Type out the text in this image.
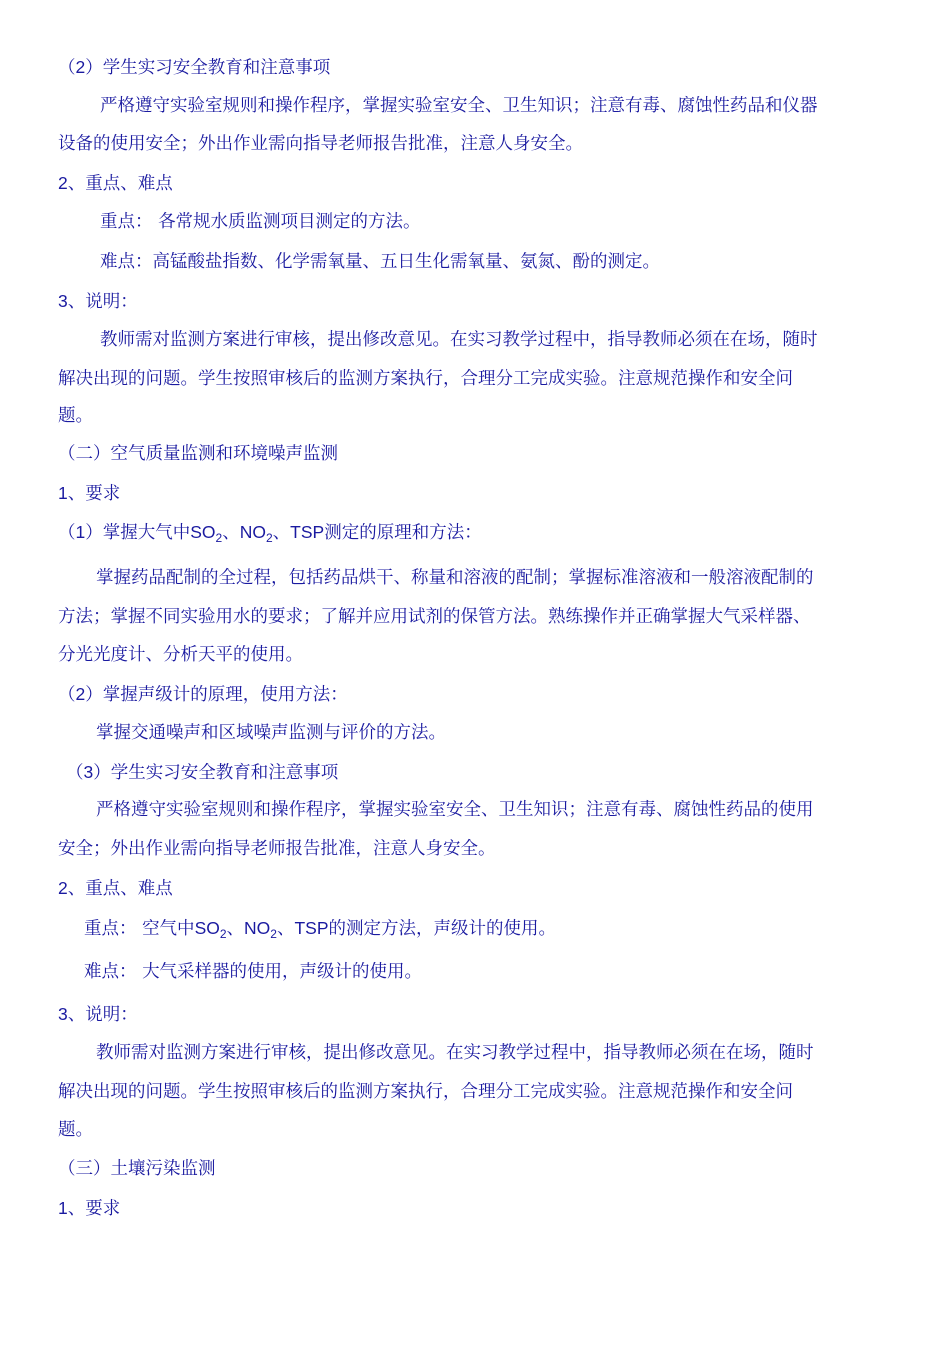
（2）学生实习安全教育和注意事项
严格遵守实验室规则和操作程序，掌握实验室安全、卫生知识；注意有毒、腐蚀性药品和仪器
设备的使用安全；外出作业需向指导老师报告批准，注意人身安全。
2、重点、难点
重点： 各常规水质监测项目测定的方法。
难点：高锰酸盐指数、化学需氧量、五日生化需氧量、氨氮、酚的测定。
3、说明：
教师需对监测方案进行审核，提出修改意见。在实习教学过程中，指导教师必须在在场，随时
解决出现的问题。学生按照审核后的监测方案执行，合理分工完成实验。注意规范操作和安全问
题。
（二）空气质量监测和环境噪声监测
1、要求
（1）掌握大气中$SO_2$、$NO_2$、TSP测定的原理和方法：
掌握药品配制的全过程，包括药品烘干、称量和溶液的配制；掌握标准溶液和一般溶液配制的
方法；掌握不同实验用水的要求；了解并应用试剂的保管方法。熟练操作并正确掌握大气采样器、
分光光度计、分析天平的使用。
（2）掌握声级计的原理，使用方法：
掌握交通噪声和区域噪声监测与评价的方法。
（3）学生实习安全教育和注意事项
严格遵守实验室规则和操作程序，掌握实验室安全、卫生知识；注意有毒、腐蚀性药品的使用
安全；外出作业需向指导老师报告批准，注意人身安全。
2、重点、难点
重点： 空气中$SO_2$、$NO_2$、TSP的测定方法，声级计的使用。
难点： 大气采样器的使用，声级计的使用。
3、说明：
教师需对监测方案进行审核，提出修改意见。在实习教学过程中，指导教师必须在在场，随时
解决出现的问题。学生按照审核后的监测方案执行，合理分工完成实验。注意规范操作和安全问
题。
（三）土壤污染监测
1、要求
